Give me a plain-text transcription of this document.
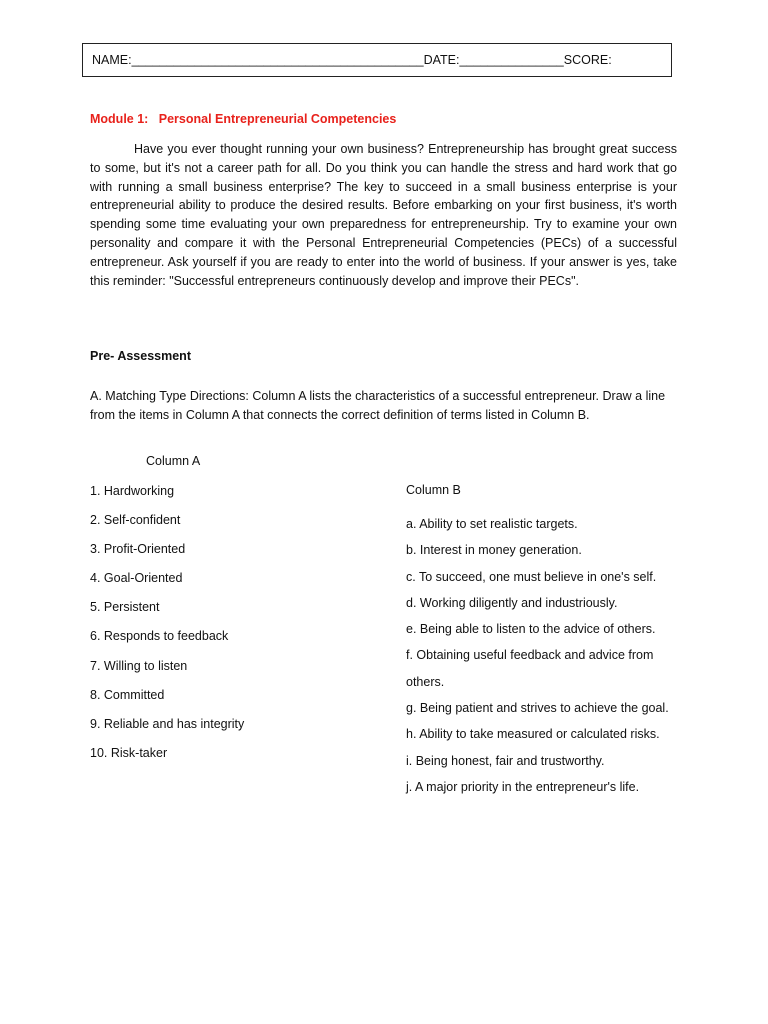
NAME:__________________________________________DATE:_______________SCORE:
Module 1:   Personal Entrepreneurial Competencies

Have you ever thought running your own business? Entrepreneurship has brought great success to some, but it's not a career path for all. Do you think you can handle the stress and hard work that go with running a small business enterprise? The key to succeed in a small business enterprise is your entrepreneurial ability to produce the desired results. Before embarking on your first business, it's worth spending some time evaluating your own preparedness for entrepreneurship. Try to examine your own personality and compare it with the Personal Entrepreneurial Competencies (PECs) of a successful entrepreneur. Ask yourself if you are ready to enter into the world of business. If your answer is yes, take this reminder: "Successful entrepreneurs continuously develop and improve their PECs".

Pre- Assessment

A. Matching Type Directions: Column A lists the characteristics of a successful entrepreneur. Draw a line from the items in Column A that connects the correct definition of terms listed in Column B.

Column A
1. Hardworking
2. Self-confident
3. Profit-Oriented
4. Goal-Oriented
5. Persistent
6. Responds to feedback
7. Willing to listen
8. Committed
9. Reliable and has integrity
10. Risk-taker
Column B
a. Ability to set realistic targets.
b. Interest in money generation.
c. To succeed, one must believe in one's self.
d. Working diligently and industriously.
e. Being able to listen to the advice of others.
f. Obtaining useful feedback and advice from others.
g. Being patient and strives to achieve the goal.
h. Ability to take measured or calculated risks.
i. Being honest, fair and trustworthy.
j. A major priority in the entrepreneur's life.
